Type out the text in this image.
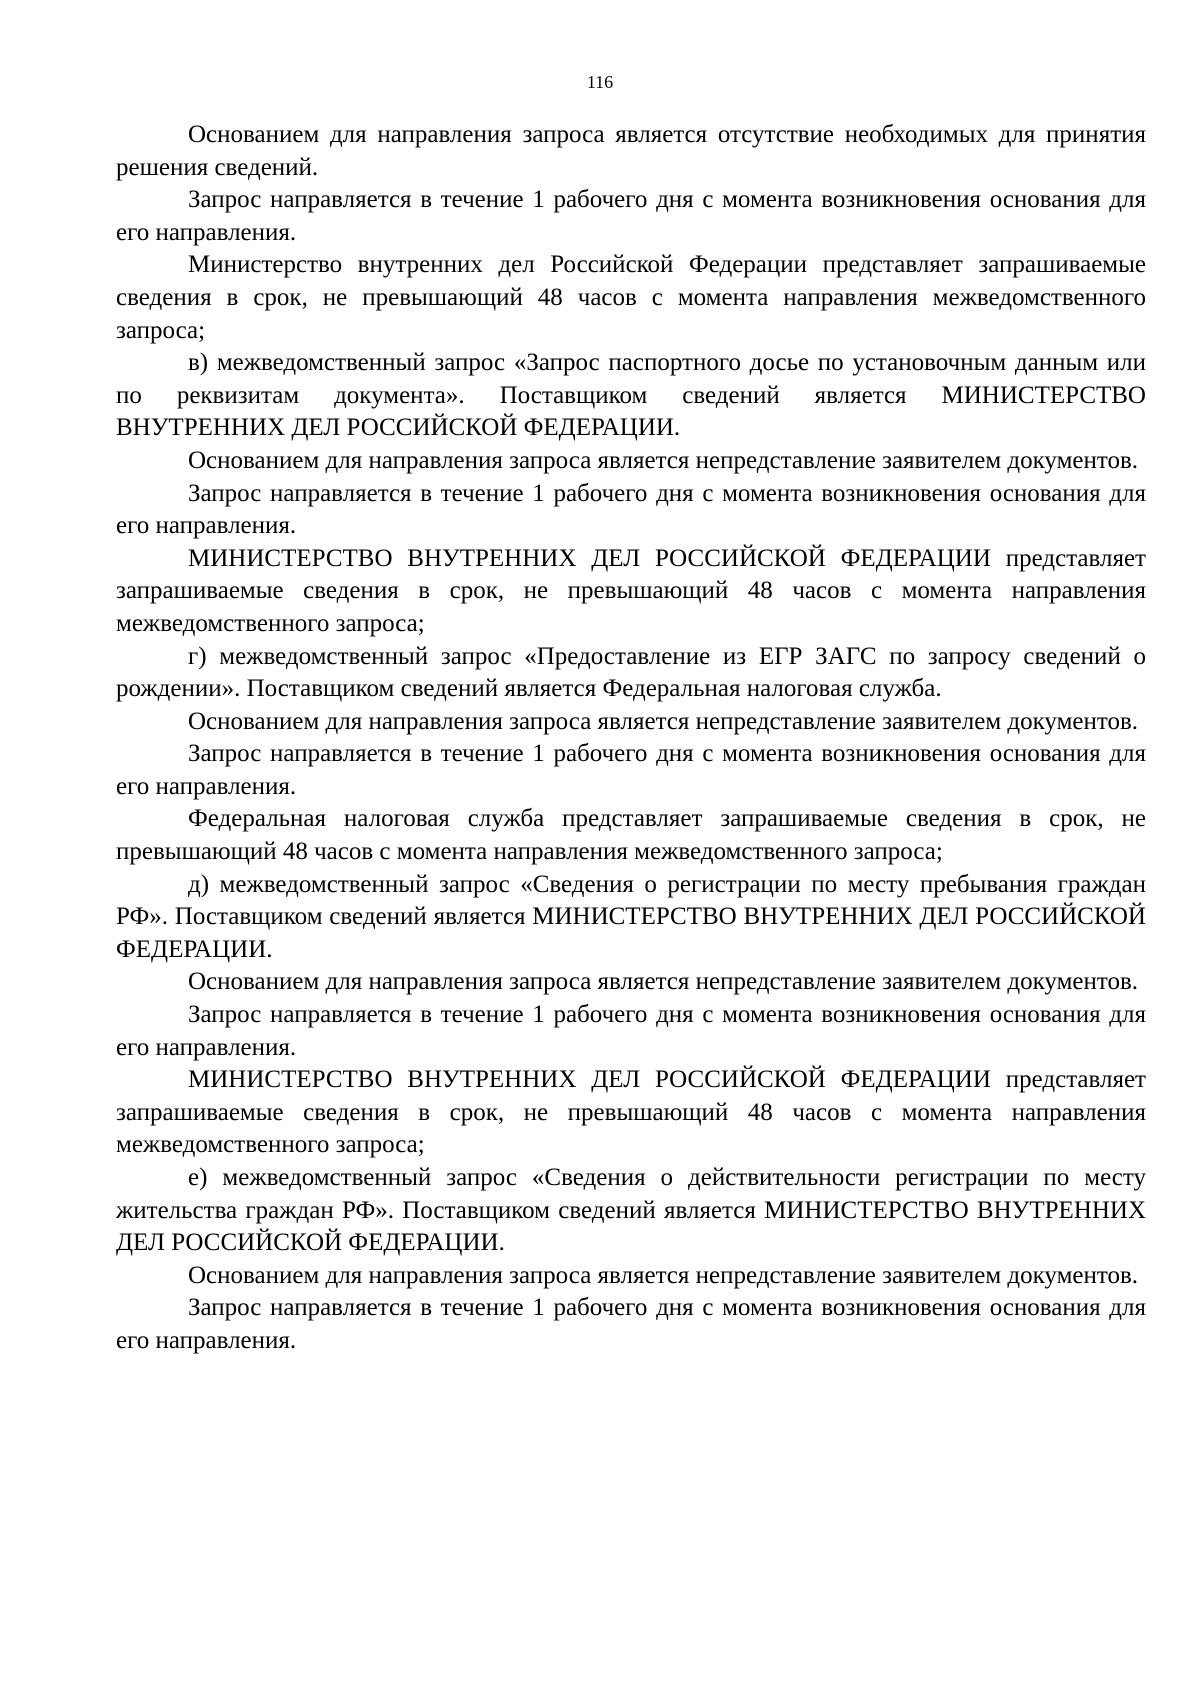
116

Основанием для направления запроса является отсутствие необходимых для принятия решения сведений.

Запрос направляется в течение 1 рабочего дня с момента возникновения основания для его направления.

Министерство внутренних дел Российской Федерации представляет запрашиваемые сведения в срок, не превышающий 48 часов с момента направления межведомственного запроса;

в) межведомственный запрос «Запрос паспортного досье по установочным данным или по реквизитам документа». Поставщиком сведений является МИНИСТЕРСТВО ВНУТРЕННИХ ДЕЛ РОССИЙСКОЙ ФЕДЕРАЦИИ.

Основанием для направления запроса является непредставление заявителем документов.

Запрос направляется в течение 1 рабочего дня с момента возникновения основания для его направления.

МИНИСТЕРСТВО ВНУТРЕННИХ ДЕЛ РОССИЙСКОЙ ФЕДЕРАЦИИ представляет запрашиваемые сведения в срок, не превышающий 48 часов с момента направления межведомственного запроса;

г) межведомственный запрос «Предоставление из ЕГР ЗАГС по запросу сведений о рождении». Поставщиком сведений является Федеральная налоговая служба.

Основанием для направления запроса является непредставление заявителем документов.

Запрос направляется в течение 1 рабочего дня с момента возникновения основания для его направления.

Федеральная налоговая служба представляет запрашиваемые сведения в срок, не превышающий 48 часов с момента направления межведомственного запроса;

д) межведомственный запрос «Сведения о регистрации по месту пребывания граждан РФ». Поставщиком сведений является МИНИСТЕРСТВО ВНУТРЕННИХ ДЕЛ РОССИЙСКОЙ ФЕДЕРАЦИИ.

Основанием для направления запроса является непредставление заявителем документов.

Запрос направляется в течение 1 рабочего дня с момента возникновения основания для его направления.

МИНИСТЕРСТВО ВНУТРЕННИХ ДЕЛ РОССИЙСКОЙ ФЕДЕРАЦИИ представляет запрашиваемые сведения в срок, не превышающий 48 часов с момента направления межведомственного запроса;

е) межведомственный запрос «Сведения о действительности регистрации по месту жительства граждан РФ». Поставщиком сведений является МИНИСТЕРСТВО ВНУТРЕННИХ ДЕЛ РОССИЙСКОЙ ФЕДЕРАЦИИ.

Основанием для направления запроса является непредставление заявителем документов.

Запрос направляется в течение 1 рабочего дня с момента возникновения основания для его направления.
